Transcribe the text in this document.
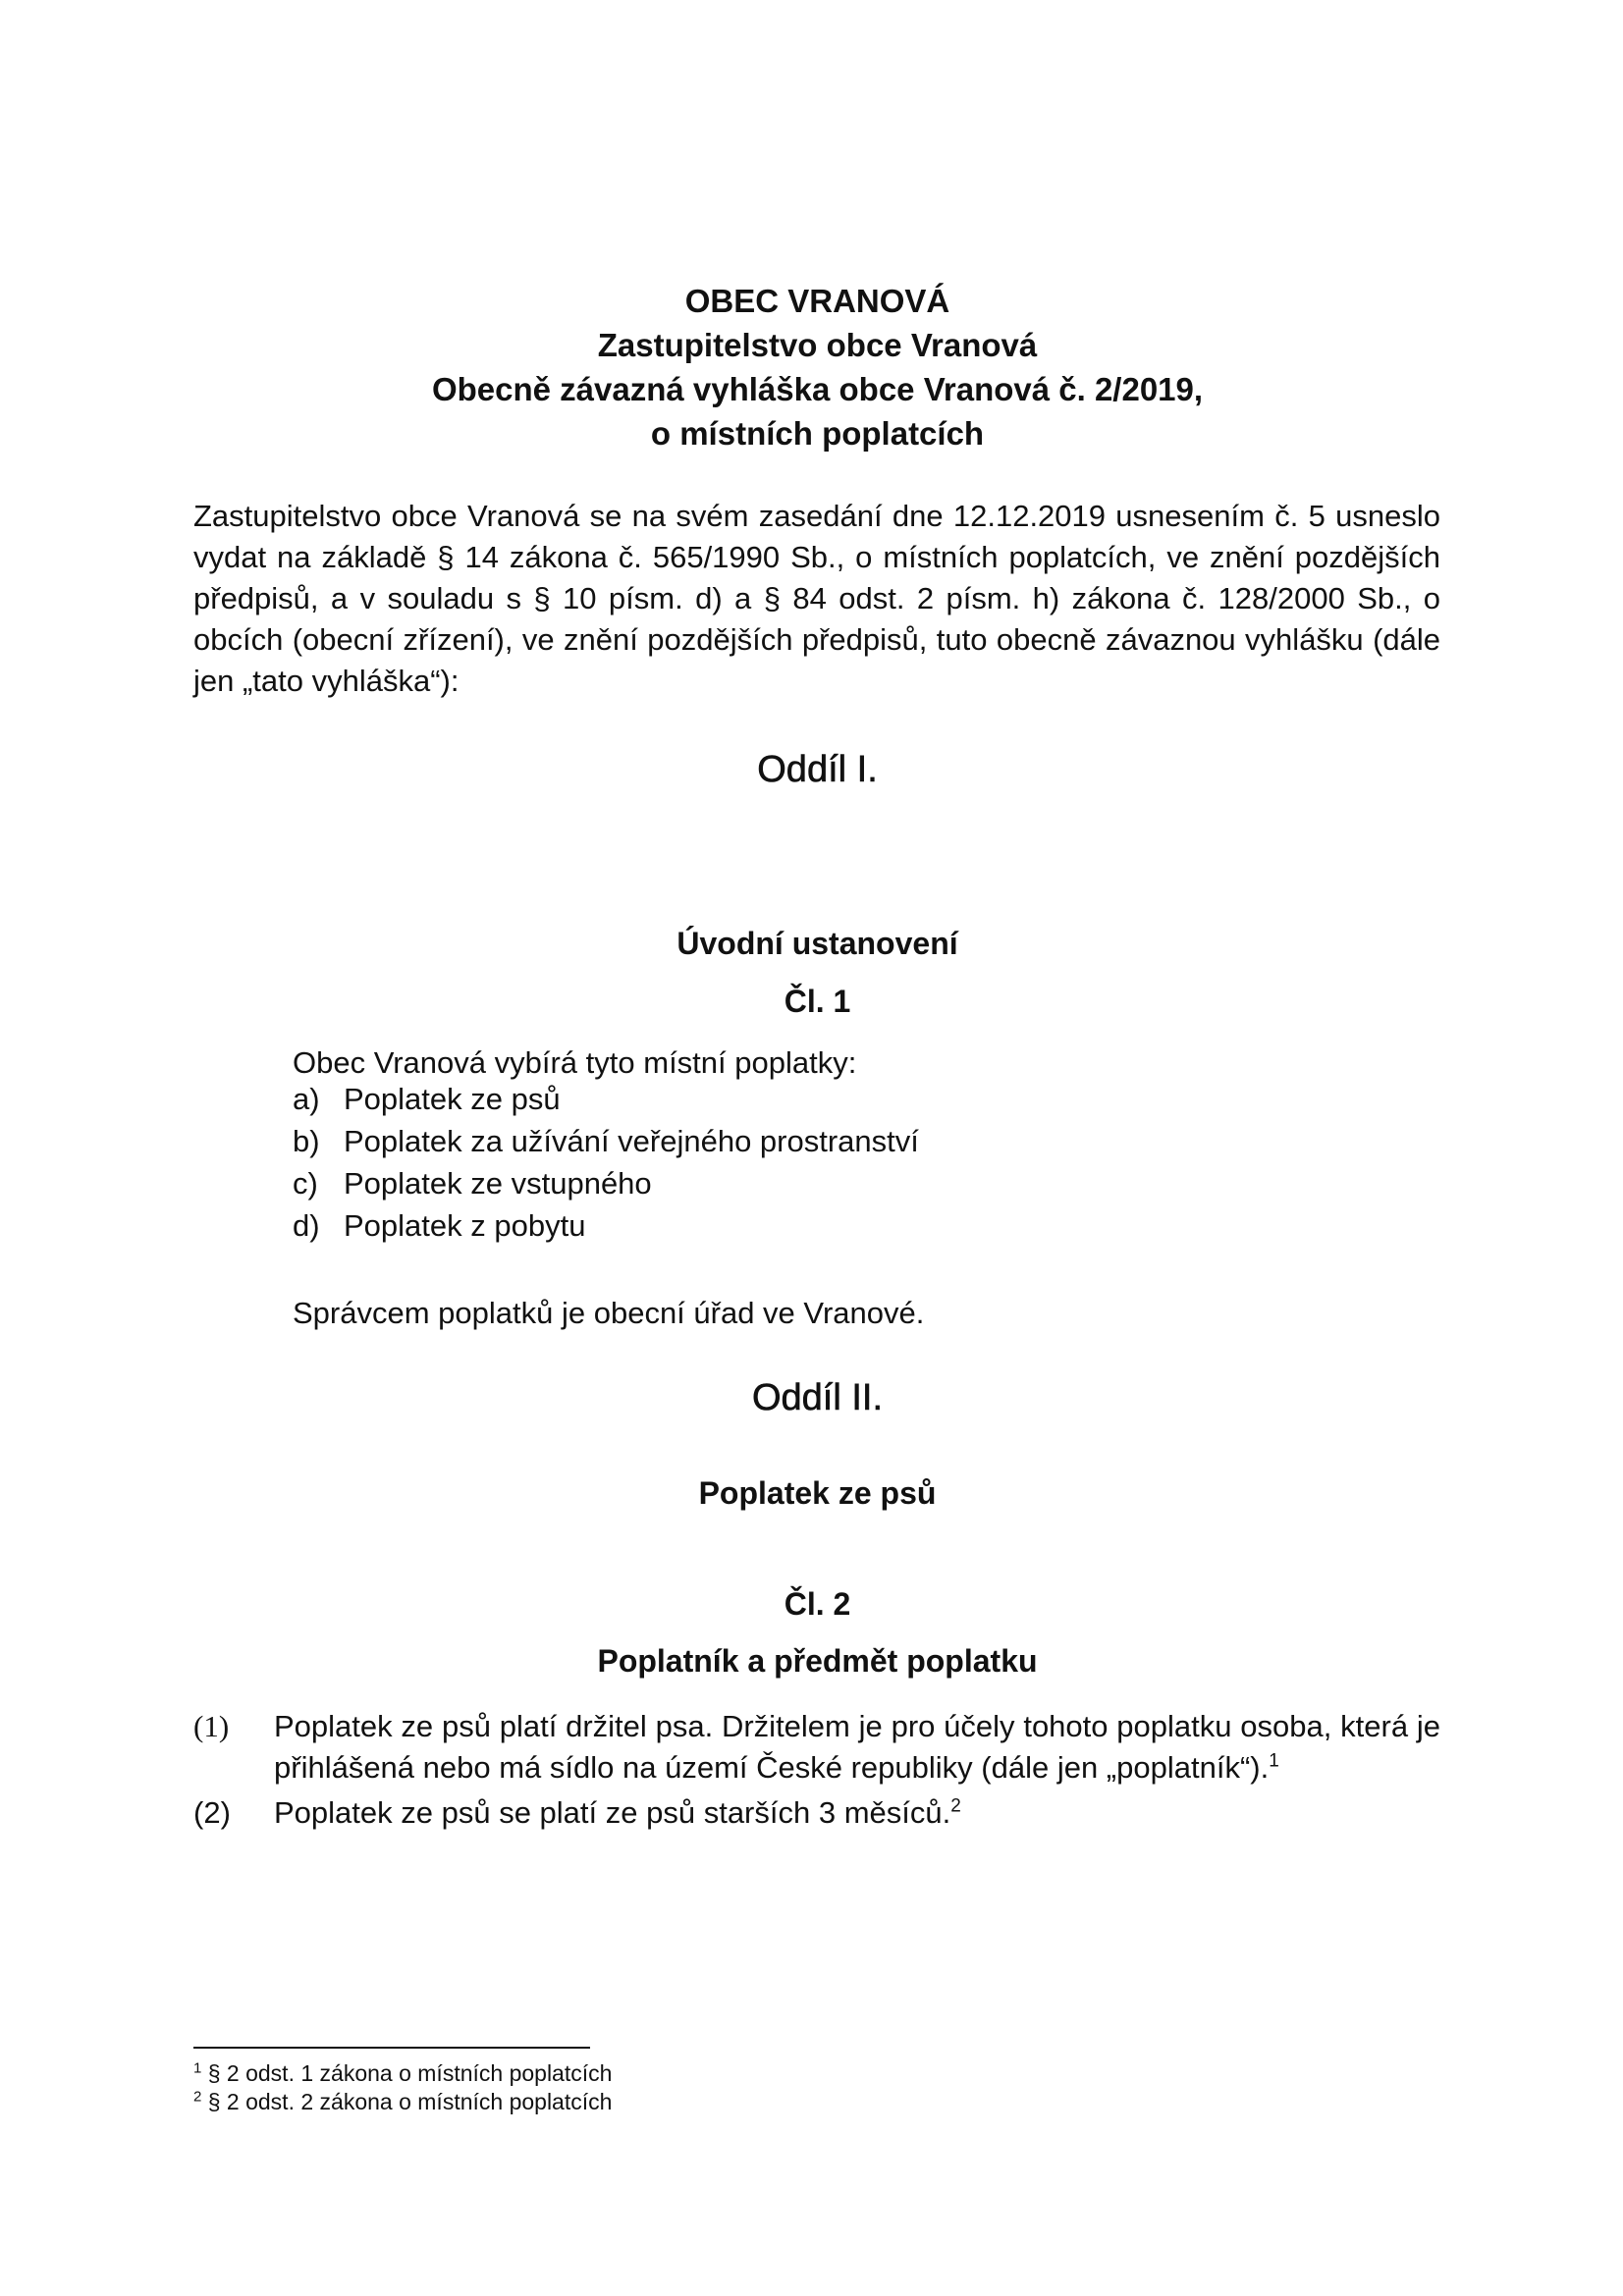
OBEC VRANOVÁ
Zastupitelstvo obce Vranová
Obecně závazná vyhláška obce Vranová č. 2/2019,
o místních poplatcích

Zastupitelstvo obce Vranová se na svém zasedání dne 12.12.2019 usnesením č. 5 usneslo vydat na základě § 14 zákona č. 565/1990 Sb., o místních poplatcích, ve znění pozdějších předpisů, a v souladu s § 10 písm. d) a § 84 odst. 2 písm. h) zákona č. 128/2000 Sb., o obcích (obecní zřízení), ve znění pozdějších předpisů, tuto obecně závaznou vyhlášku (dále jen „tato vyhláška“):

Oddíl I.
Úvodní ustanovení
Čl. 1
Obec Vranová vybírá tyto místní poplatky:
a) Poplatek ze psů
b) Poplatek za užívání veřejného prostranství
c) Poplatek ze vstupného
d) Poplatek z pobytu
Správcem poplatků je obecní úřad ve Vranové.
Oddíl II.
Poplatek ze psů
Čl. 2
Poplatník a předmět poplatku
(1)	Poplatek ze psů platí držitel psa. Držitelem je pro účely tohoto poplatku osoba, která je přihlášená nebo má sídlo na území České republiky (dále jen „poplatník“).$^1$
(2)	Poplatek ze psů se platí ze psů starších 3 měsíců.$^2$
$^1$ § 2 odst. 1 zákona o místních poplatcích
$^2$ § 2 odst. 2 zákona o místních poplatcích
